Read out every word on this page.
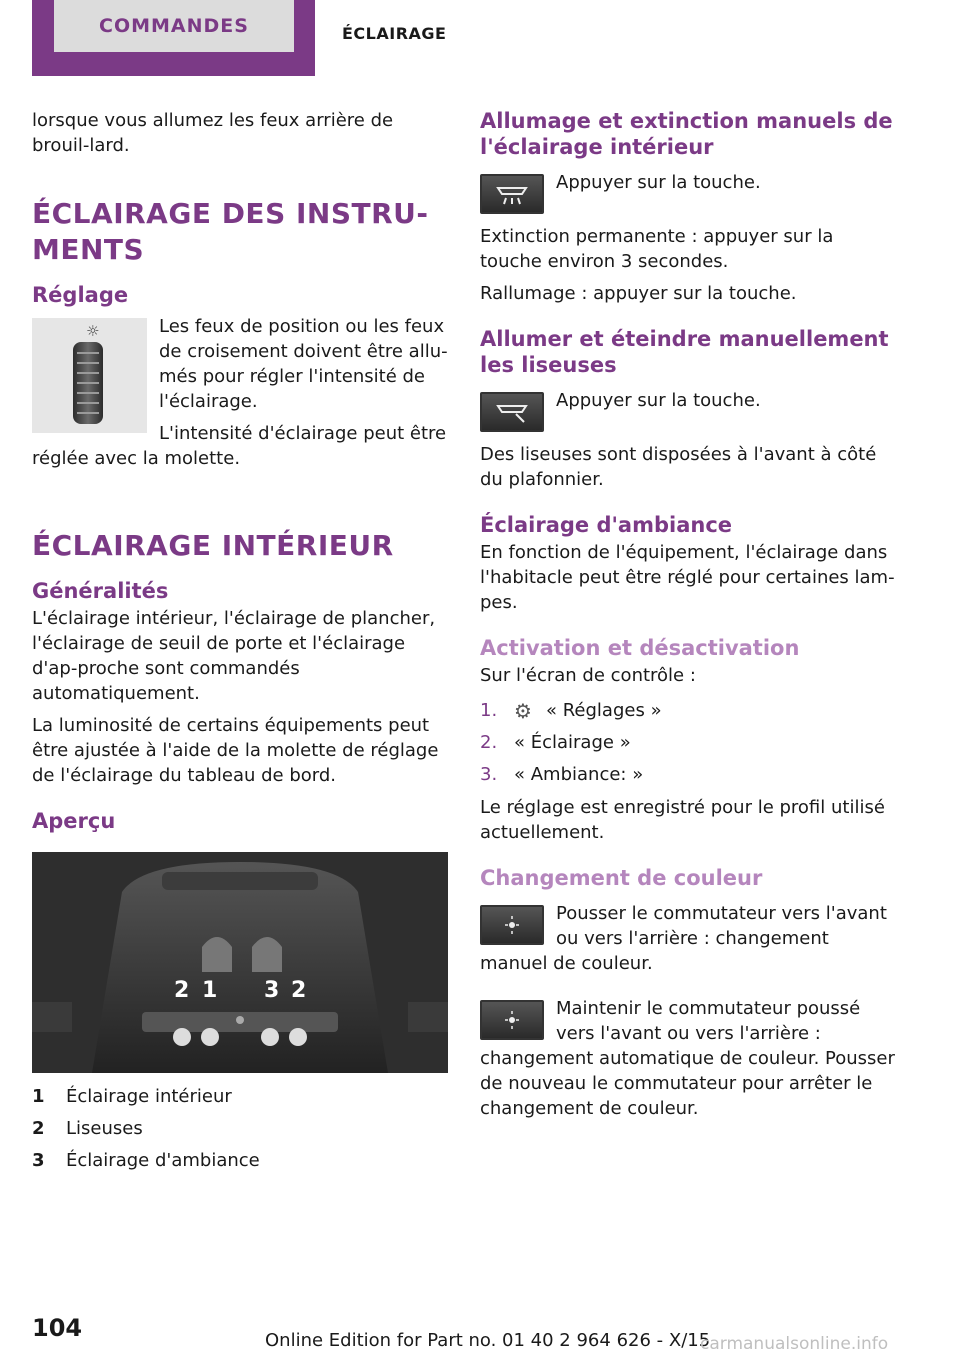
COMMANDES	ÉCLAIRAGE

lorsque vous allumez les feux arrière de brouil-lard.

ÉCLAIRAGE DES INSTRU-MENTS
Réglage
☼	Les feux de position ou les feux de croisement doivent être allu-més pour régler l'intensité de l'éclairage.

L'intensité d'éclairage peut être réglée avec la molette.

ÉCLAIRAGE INTÉRIEUR
Généralités

L'éclairage intérieur, l'éclairage de plancher, l'éclairage de seuil de porte et l'éclairage d'ap-proche sont commandés automatiquement.

La luminosité de certains équipements peut être ajustée à l'aide de la molette de réglage de l'éclairage du tableau de bord.

Aperçu
2 1 3 2
1	Éclairage intérieur
2	Liseuses
3	Éclairage d'ambiance
Allumage et extinction manuels de l'éclairage intérieur

Appuyer sur la touche.

Extinction permanente : appuyer sur la touche environ 3 secondes.

Rallumage : appuyer sur la touche.

Allumer et éteindre manuellement les liseuses

Appuyer sur la touche.

Des liseuses sont disposées à l'avant à côté du plafonnier.

Éclairage d'ambiance

En fonction de l'équipement, l'éclairage dans l'habitacle peut être réglé pour certaines lam-pes.

Activation et désactivation

Sur l'écran de contrôle :

1. ⚙ « Réglages »
2. « Éclairage »
3. « Ambiance: »

Le réglage est enregistré pour le profil utilisé actuellement.

Changement de couleur

Pousser le commutateur vers l'avant ou vers l'arrière : changement manuel de couleur.

Maintenir le commutateur poussé vers l'avant ou vers l'arrière : changement automatique de couleur. Pousser de nouveau le commutateur pour arrêter le changement de couleur.

104	Online Edition for Part no. 01 40 2 964 626 - X/15
carmanualsonline.info
